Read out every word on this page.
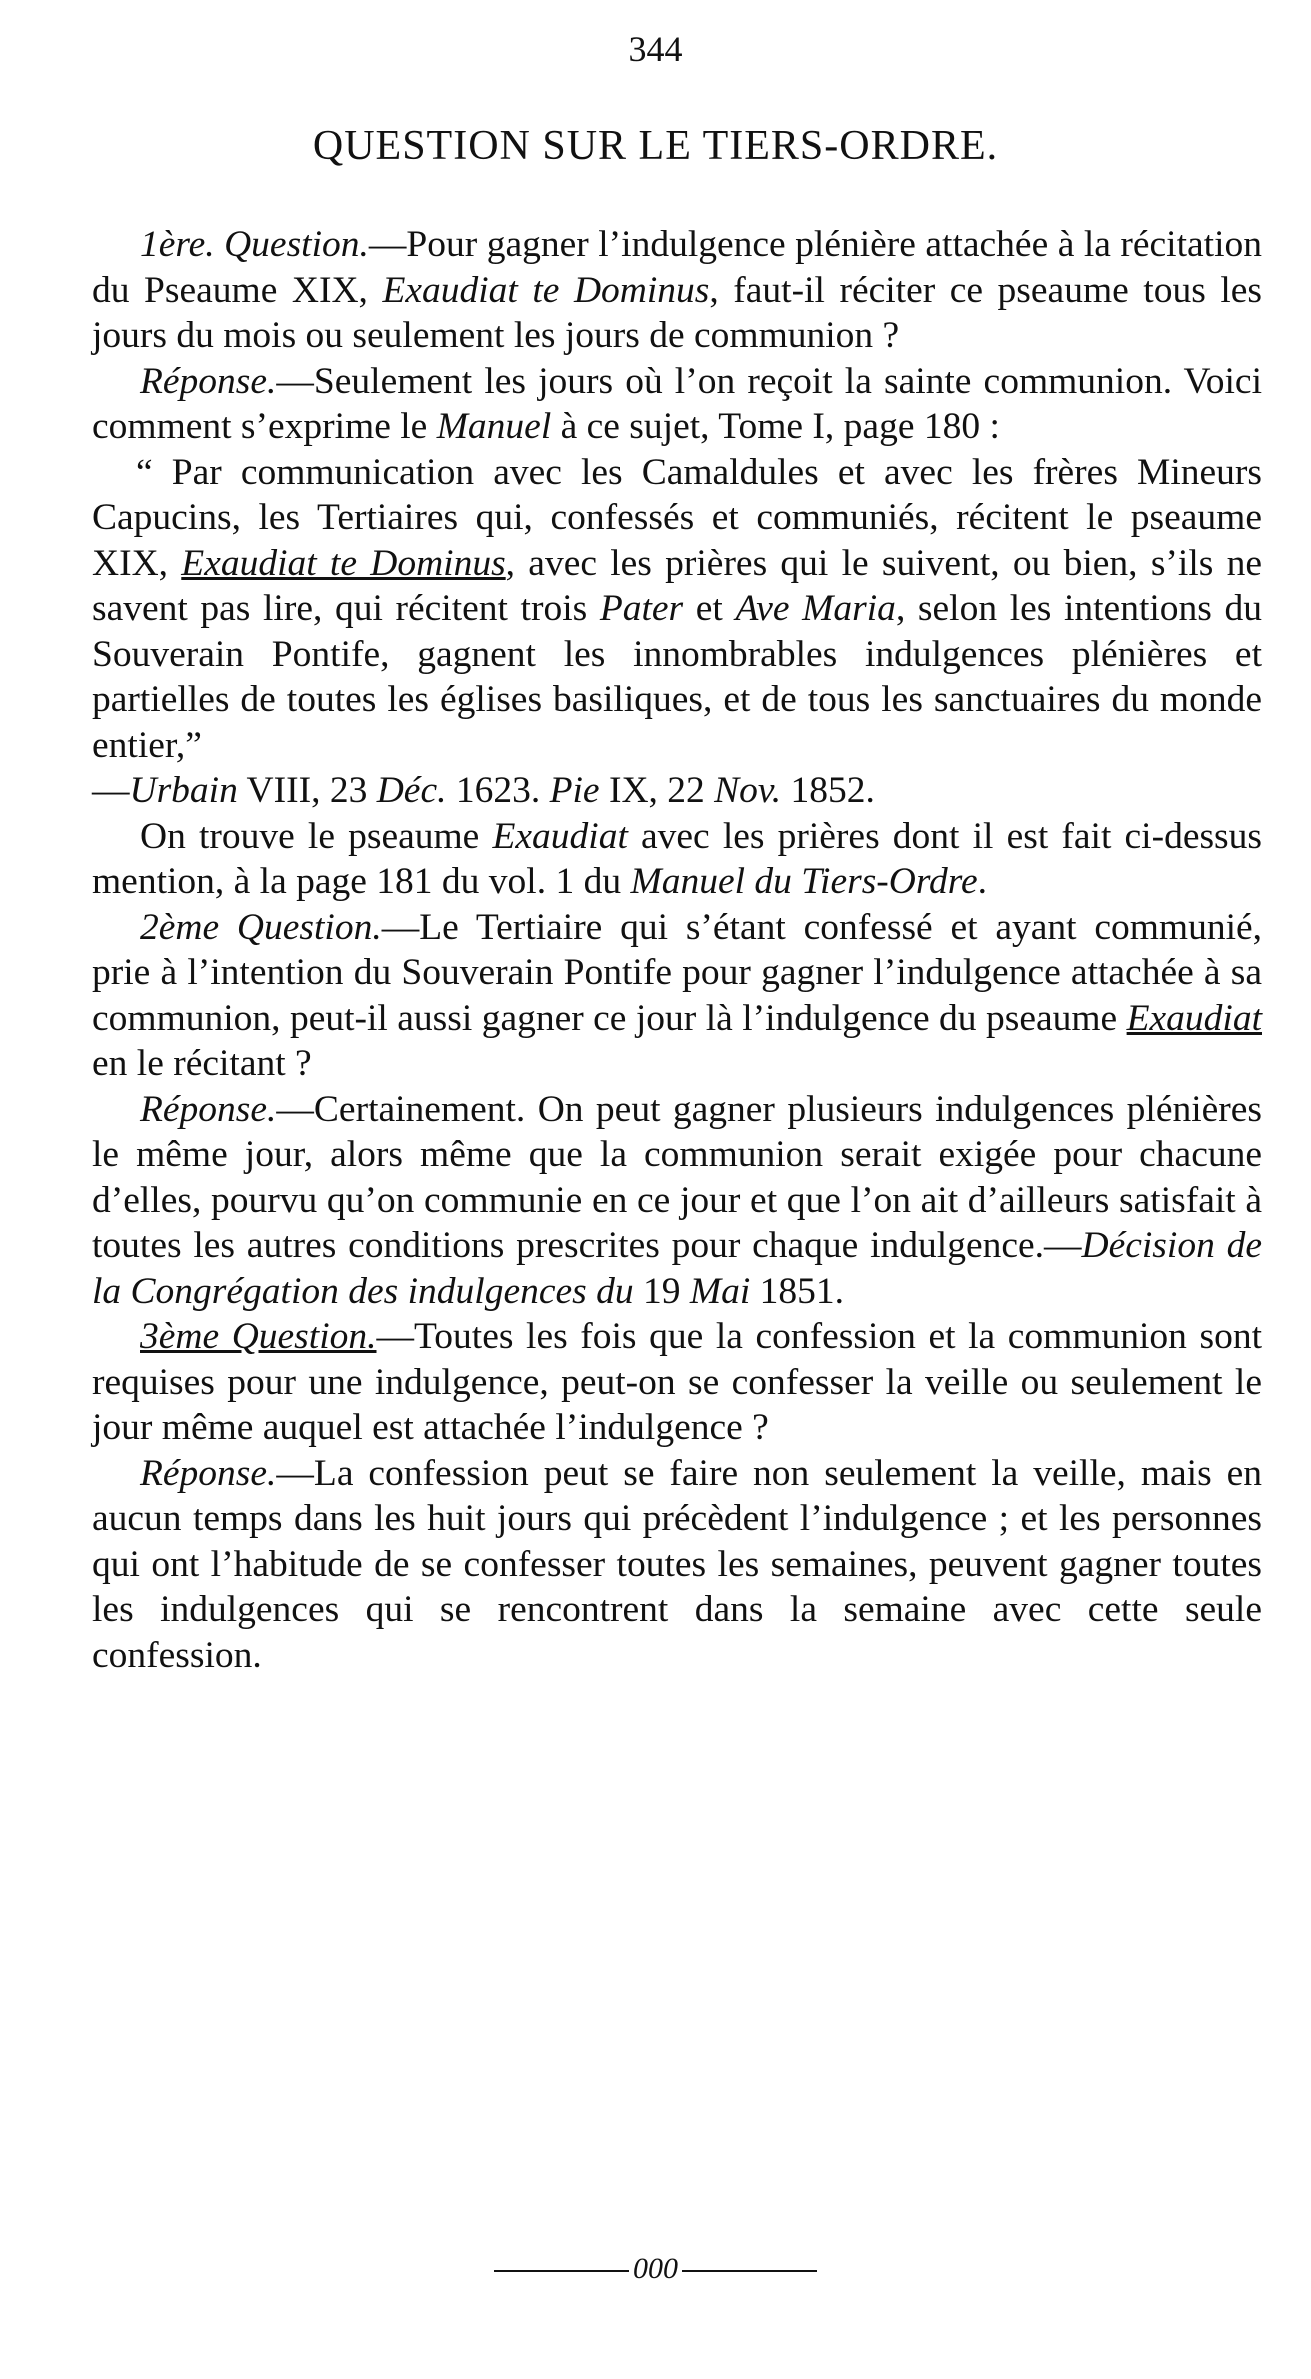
344
QUESTION SUR LE TIERS-ORDRE.

1ère. Question.—Pour gagner l’indulgence plénière attachée à la récitation du Pseaume XIX, Exaudiat te Dominus, faut-il réciter ce pseaume tous les jours du mois ou seulement les jours de communion ?

Réponse.—Seulement les jours où l’on reçoit la sainte communion. Voici comment s’exprime le Manuel à ce sujet, Tome I, page 180 :

“ Par communication avec les Camaldules et avec les frères Mineurs Capucins, les Tertiaires qui, confessés et communiés, récitent le pseaume XIX, Exaudiat te Dominus, avec les prières qui le suivent, ou bien, s’ils ne savent pas lire, qui récitent trois Pater et Ave Maria, selon les intentions du Souverain Pontife, gagnent les innombrables indulgences plénières et partielles de toutes les églises basiliques, et de tous les sanctuaires du monde entier,”

—Urbain VIII, 23 Déc. 1623. Pie IX, 22 Nov. 1852.

On trouve le pseaume Exaudiat avec les prières dont il est fait ci-dessus mention, à la page 181 du vol. 1 du Manuel du Tiers-Ordre.

2ème Question.—Le Tertiaire qui s’étant confessé et ayant communié, prie à l’intention du Souverain Pontife pour gagner l’indulgence attachée à sa communion, peut-il aussi gagner ce jour là l’indulgence du pseaume Exaudiat en le récitant ?

Réponse.—Certainement. On peut gagner plusieurs indulgences plénières le même jour, alors même que la communion serait exigée pour chacune d’elles, pourvu qu’on communie en ce jour et que l’on ait d’ailleurs satisfait à toutes les autres conditions prescrites pour chaque indulgence.—Décision de la Congrégation des indulgences du 19 Mai 1851.

3ème Question.—Toutes les fois que la confession et la communion sont requises pour une indulgence, peut-on se confesser la veille ou seulement le jour même auquel est attachée l’indulgence ?

Réponse.—La confession peut se faire non seulement la veille, mais en aucun temps dans les huit jours qui précèdent l’indulgence ; et les personnes qui ont l’habitude de se confesser toutes les semaines, peuvent gagner toutes les indulgences qui se rencontrent dans la semaine avec cette seule confession.

000
